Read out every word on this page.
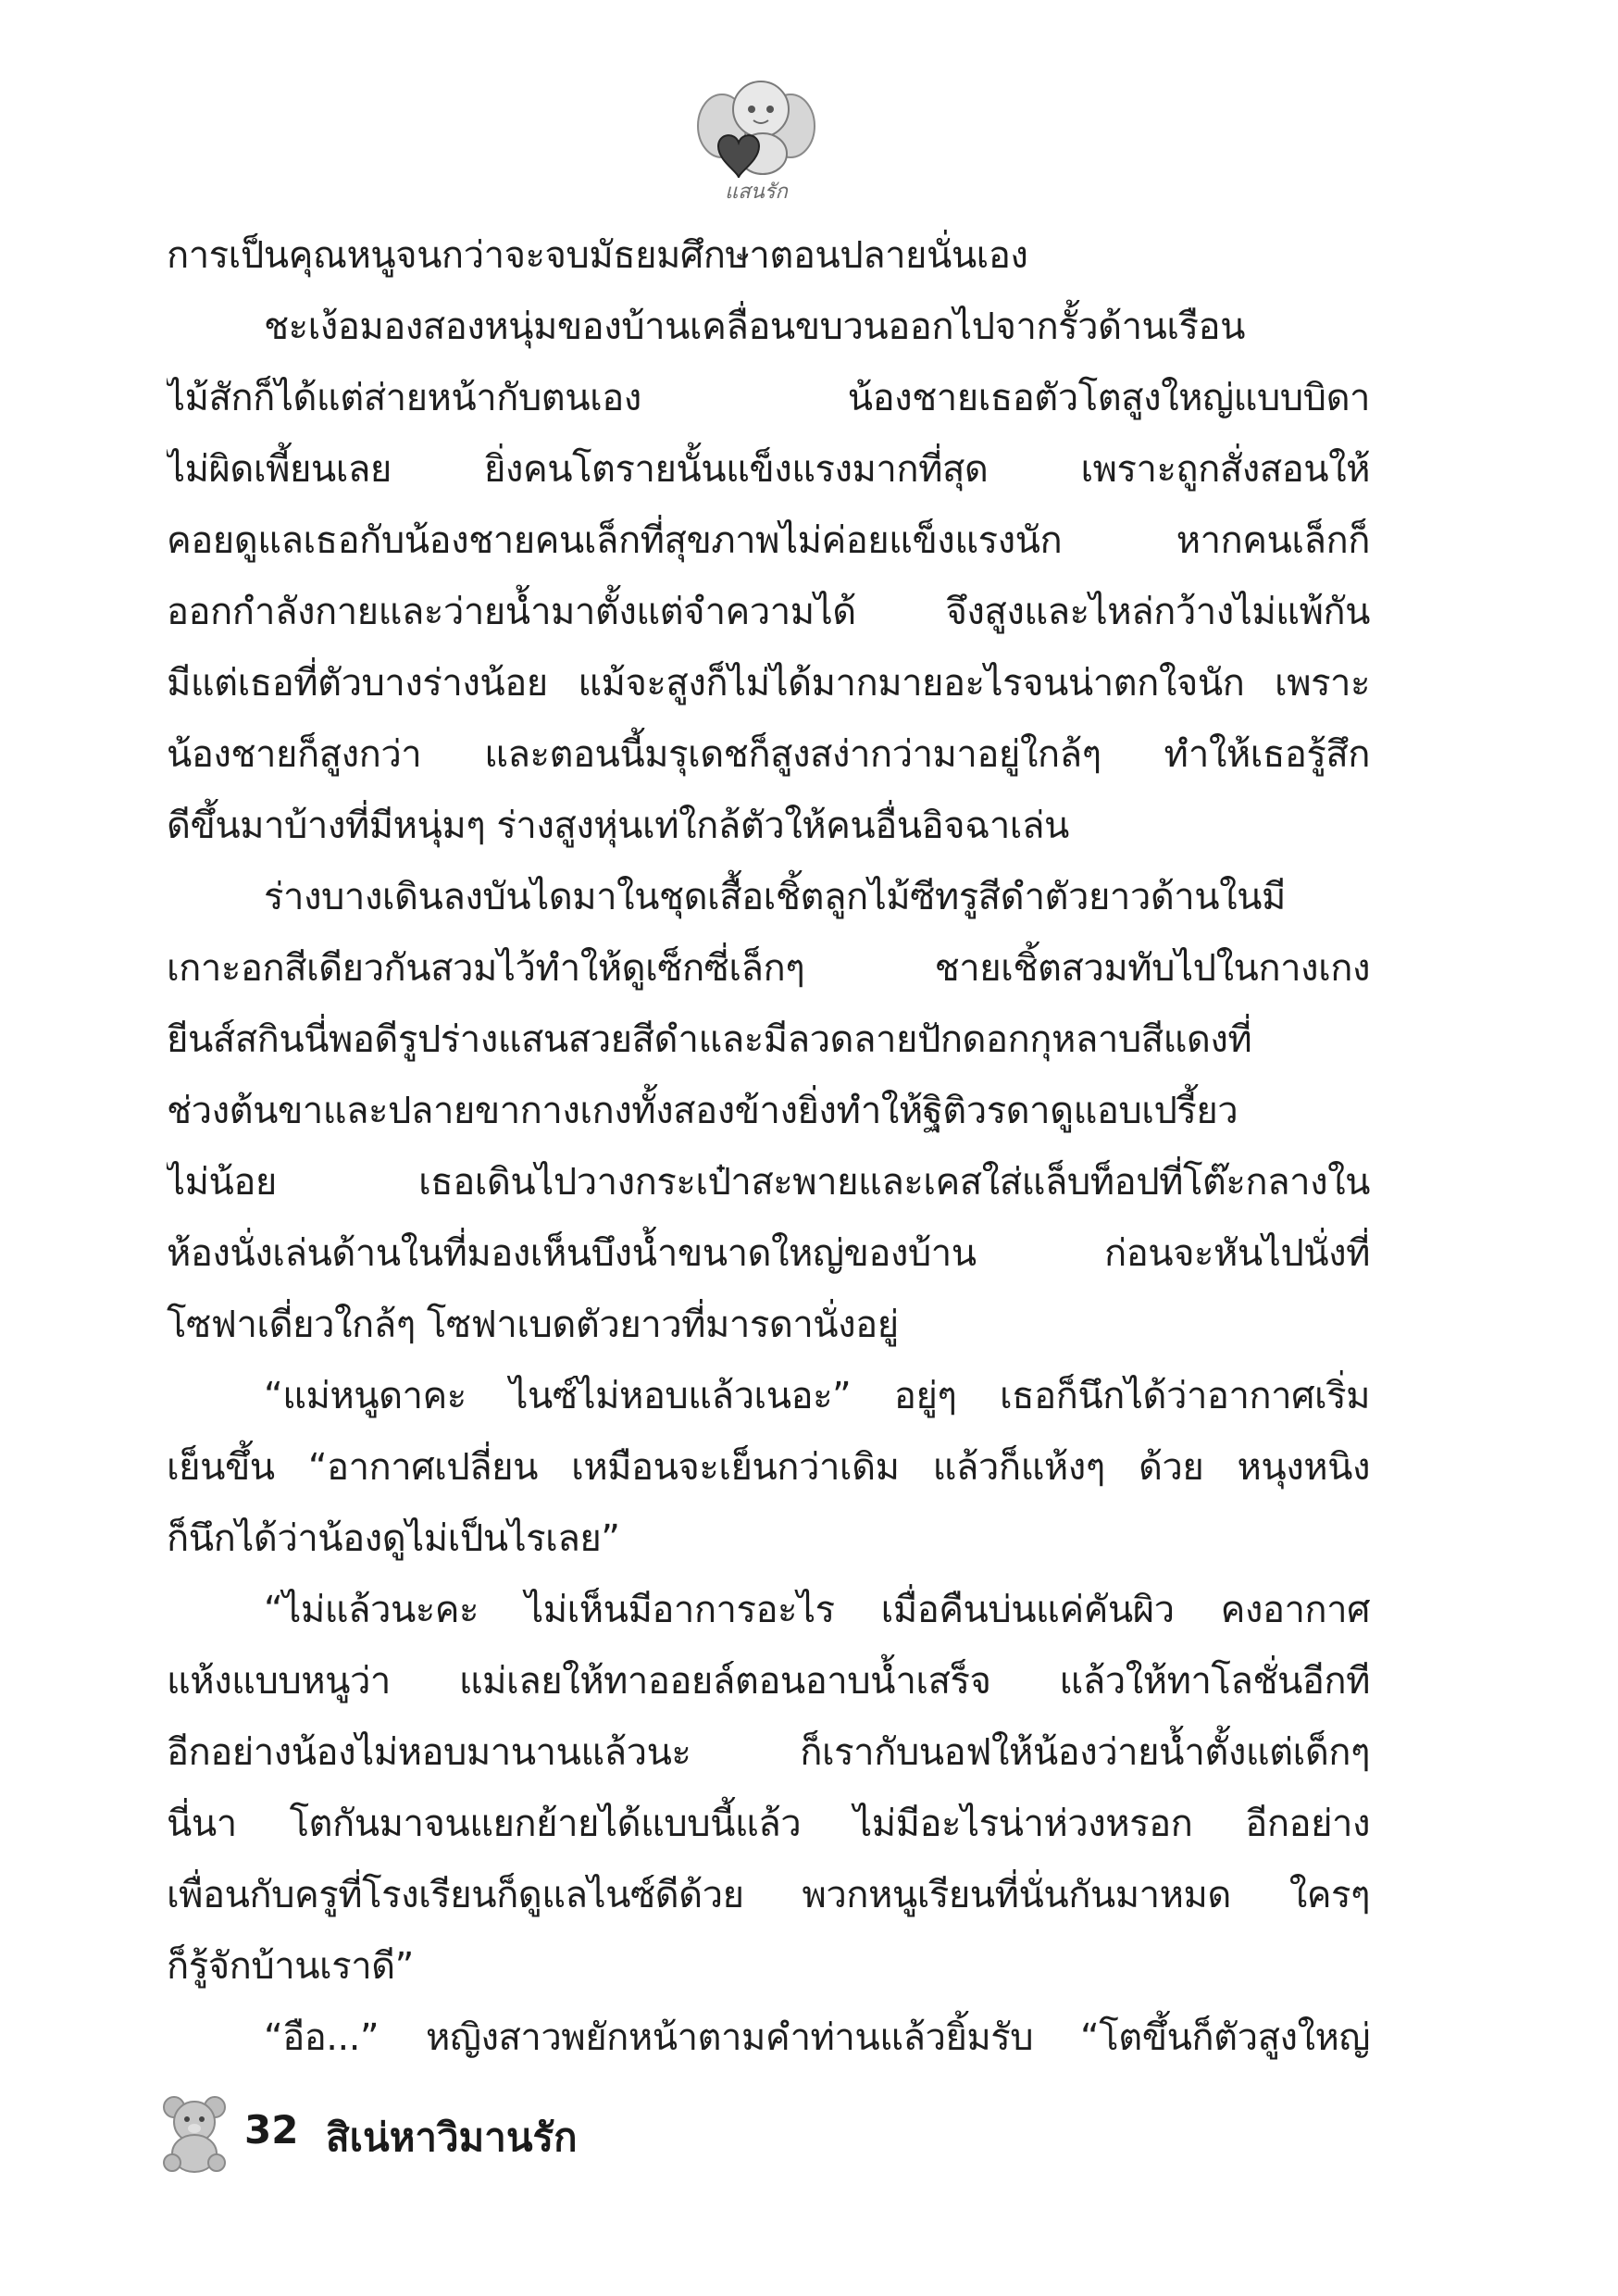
แสนรัก
การเป็นคุณหนูจนกว่าจะจบมัธยมศึกษาตอนปลายนั่นเอง
ชะเง้อมองสองหนุ่มของบ้านเคลื่อนขบวนออกไปจากรั้วด้านเรือน
ไม้สักก็ได้แต่ส่ายหน้ากับตนเอง น้องชายเธอตัวโตสูงใหญ่แบบบิดา
ไม่ผิดเพี้ยนเลย ยิ่งคนโตรายนั้นแข็งแรงมากที่สุด เพราะถูกสั่งสอนให้
คอยดูแลเธอกับน้องชายคนเล็กที่สุขภาพไม่ค่อยแข็งแรงนัก หากคนเล็กก็
ออกกำลังกายและว่ายน้ำมาตั้งแต่จำความได้ จึงสูงและไหล่กว้างไม่แพ้กัน
มีแต่เธอที่ตัวบางร่างน้อย แม้จะสูงก็ไม่ได้มากมายอะไรจนน่าตกใจนัก เพราะ
น้องชายก็สูงกว่า และตอนนี้มรุเดชก็สูงสง่ากว่ามาอยู่ใกล้ๆ ทำให้เธอรู้สึก
ดีขึ้นมาบ้างที่มีหนุ่มๆ ร่างสูงหุ่นเท่ใกล้ตัวให้คนอื่นอิจฉาเล่น
ร่างบางเดินลงบันไดมาในชุดเสื้อเชิ้ตลูกไม้ซีทรูสีดำตัวยาวด้านในมี
เกาะอกสีเดียวกันสวมไว้ทำให้ดูเซ็กซี่เล็กๆ ชายเชิ้ตสวมทับไปในกางเกง
ยีนส์สกินนี่พอดีรูปร่างแสนสวยสีดำและมีลวดลายปักดอกกุหลาบสีแดงที่
ช่วงต้นขาและปลายขากางเกงทั้งสองข้างยิ่งทำให้ฐิติวรดาดูแอบเปรี้ยว
ไม่น้อย เธอเดินไปวางกระเป๋าสะพายและเคสใส่แล็บท็อปที่โต๊ะกลางใน
ห้องนั่งเล่นด้านในที่มองเห็นบึงน้ำขนาดใหญ่ของบ้าน ก่อนจะหันไปนั่งที่
โซฟาเดี่ยวใกล้ๆ โซฟาเบดตัวยาวที่มารดานั่งอยู่
“แม่หนูดาคะ ไนซ์ไม่หอบแล้วเนอะ” อยู่ๆ เธอก็นึกได้ว่าอากาศเริ่ม
เย็นขึ้น “อากาศเปลี่ยน เหมือนจะเย็นกว่าเดิม แล้วก็แห้งๆ ด้วย หนุงหนิง
ก็นึกได้ว่าน้องดูไม่เป็นไรเลย”
“ไม่แล้วนะคะ ไม่เห็นมีอาการอะไร เมื่อคืนบ่นแค่คันผิว คงอากาศ
แห้งแบบหนูว่า แม่เลยให้ทาออยล์ตอนอาบน้ำเสร็จ แล้วให้ทาโลชั่นอีกที
อีกอย่างน้องไม่หอบมานานแล้วนะ ก็เรากับนอฟให้น้องว่ายน้ำตั้งแต่เด็กๆ
นี่นา โตกันมาจนแยกย้ายได้แบบนี้แล้ว ไม่มีอะไรน่าห่วงหรอก อีกอย่าง
เพื่อนกับครูที่โรงเรียนก็ดูแลไนซ์ดีด้วย พวกหนูเรียนที่นั่นกันมาหมด ใครๆ
ก็รู้จักบ้านเราดี”
“อือ...” หญิงสาวพยักหน้าตามคำท่านแล้วยิ้มรับ “โตขึ้นก็ตัวสูงใหญ่
32 สิเน่หาวิมานรัก
